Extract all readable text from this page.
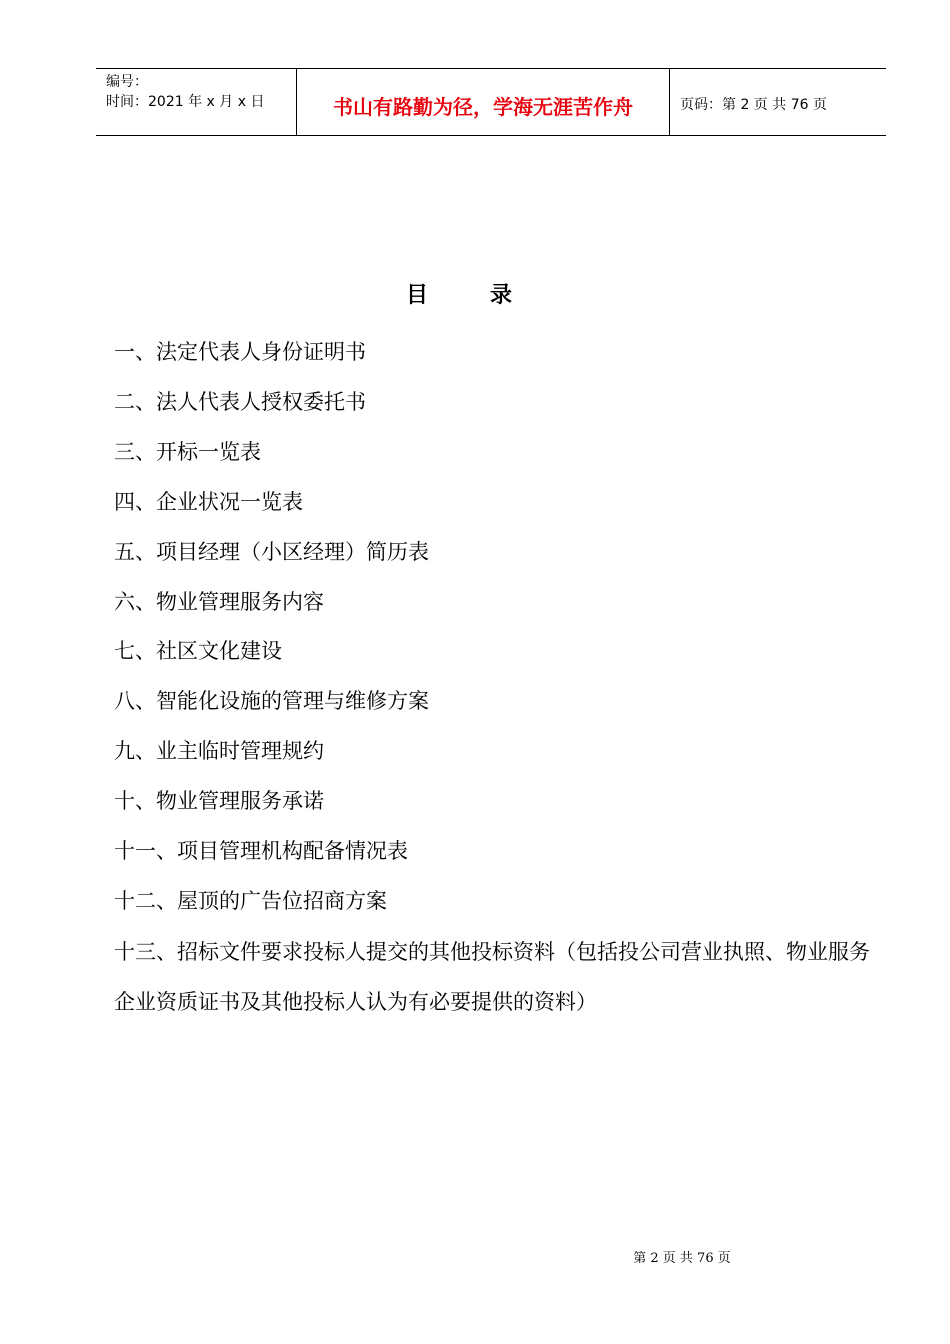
编号：
时间：2021 年 x 月 x 日	书山有路勤为径，学海无涯苦作舟	页码：第 2 页 共 76 页
目录
一、法定代表人身份证明书
二、法人代表人授权委托书
三、开标一览表
四、企业状况一览表
五、项目经理（小区经理）简历表
六、物业管理服务内容
七、社区文化建设
八、智能化设施的管理与维修方案
九、业主临时管理规约
十、物业管理服务承诺
十一、项目管理机构配备情况表
十二、屋顶的广告位招商方案
十三、招标文件要求投标人提交的其他投标资料（包括投公司营业执照、物业服务企业资质证书及其他投标人认为有必要提供的资料）
第 2 页 共 76 页
